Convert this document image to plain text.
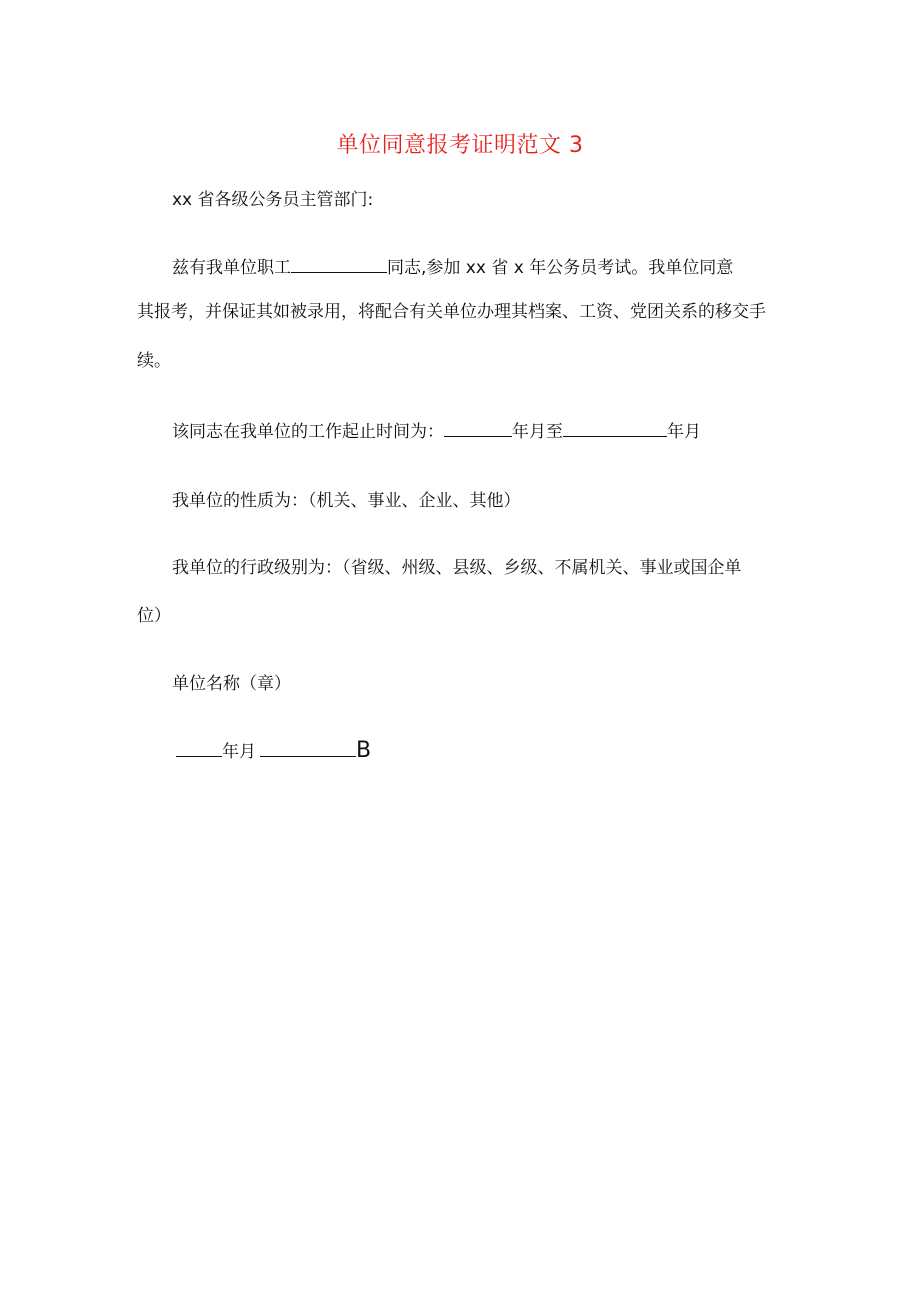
单位同意报考证明范文 3
xx 省各级公务员主管部门:
兹有我单位职工	同志,参加 xx 省 x 年公务员考试。我单位同意
其报考，并保证其如被录用，将配合有关单位办理其档案、工资、党团关系的移交手
续。
该同志在我单位的工作起止时间为：	年月至	年月
我单位的性质为：（机关、事业、企业、其他）
我单位的行政级别为：（省级、州级、县级、乡级、不属机关、事业或国企单
位）
单位名称（章）
年月	B
